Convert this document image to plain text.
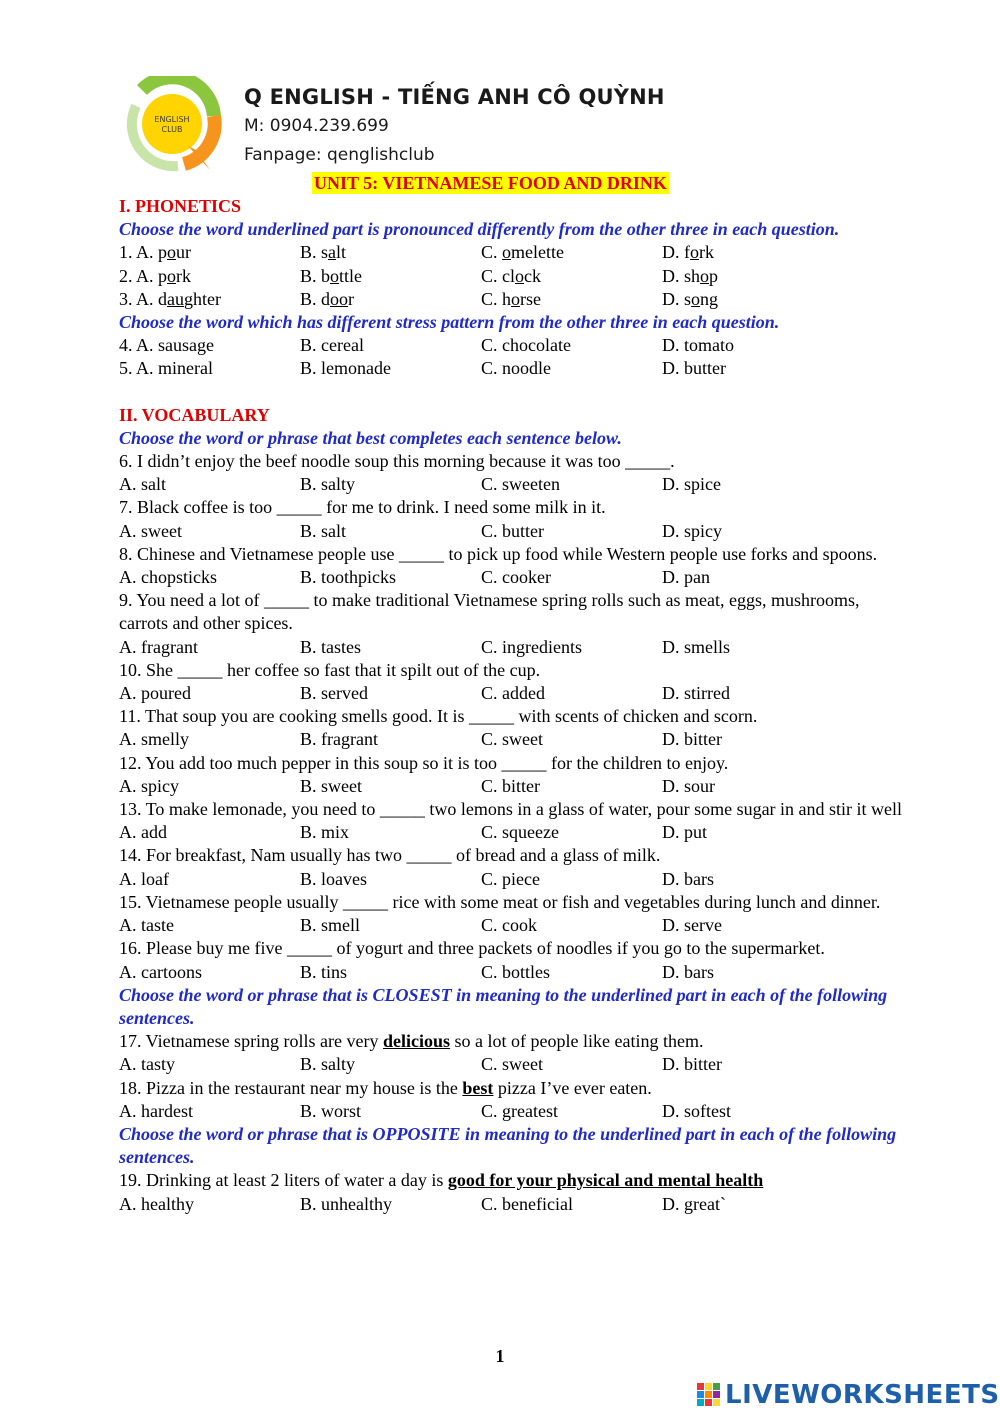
ENGLISH
CLUB
Q ENGLISH - TIẾNG ANH CÔ QUỲNH
M: 0904.239.699
Fanpage: qenglishclub
UNIT 5: VIETNAMESE FOOD AND DRINK
I. PHONETICS
Choose the word underlined part is pronounced differently from the other three in each question.
1. A. pour	B. salt	C. omelette	D. fork
2. A. pork	B. bottle	C. clock	D. shop
3. A. daughter	B. door	C. horse	D. song
Choose the word which has different stress pattern from the other three in each question.
4. A. sausage	B. cereal	C. chocolate	D. tomato
5. A. mineral	B. lemonade	C. noodle	D. butter
II. VOCABULARY
Choose the word or phrase that best completes each sentence below.
6. I didn’t enjoy the beef noodle soup this morning because it was too _____.
A. salt	B. salty	C. sweeten	D. spice
7. Black coffee is too _____ for me to drink. I need some milk in it.
A. sweet	B. salt	C. butter	D. spicy
8. Chinese and Vietnamese people use _____ to pick up food while Western people use forks and spoons.
A. chopsticks	B. toothpicks	C. cooker	D. pan
9. You need a lot of _____ to make traditional Vietnamese spring rolls such as meat, eggs, mushrooms, carrots and other spices.
A. fragrant	B. tastes	C. ingredients	D. smells
10. She _____ her coffee so fast that it spilt out of the cup.
A. poured	B. served	C. added	D. stirred
11. That soup you are cooking smells good. It is _____ with scents of chicken and scorn.
A. smelly	B. fragrant	C. sweet	D. bitter
12. You add too much pepper in this soup so it is too _____ for the children to enjoy.
A. spicy	B. sweet	C. bitter	D. sour
13. To make lemonade, you need to _____ two lemons in a glass of water, pour some sugar in and stir it well
A. add	B. mix	C. squeeze	D. put
14. For breakfast, Nam usually has two _____ of bread and a glass of milk.
A. loaf	B. loaves	C. piece	D. bars
15. Vietnamese people usually _____ rice with some meat or fish and vegetables during lunch and dinner.
A. taste	B. smell	C. cook	D. serve
16. Please buy me five _____ of yogurt and three packets of noodles if you go to the supermarket.
A. cartoons	B. tins	C. bottles	D. bars
Choose the word or phrase that is CLOSEST in meaning to the underlined part in each of the following sentences.
17. Vietnamese spring rolls are very delicious so a lot of people like eating them.
A. tasty	B. salty	C. sweet	D. bitter
18. Pizza in the restaurant near my house is the best pizza I’ve ever eaten.
A. hardest	B. worst	C. greatest	D. softest
Choose the word or phrase that is OPPOSITE in meaning to the underlined part in each of the following sentences.
19. Drinking at least 2 liters of water a day is good for your physical and mental health
A. healthy	B. unhealthy	C. beneficial	D. great`
1
LIVEWORKSHEETS
